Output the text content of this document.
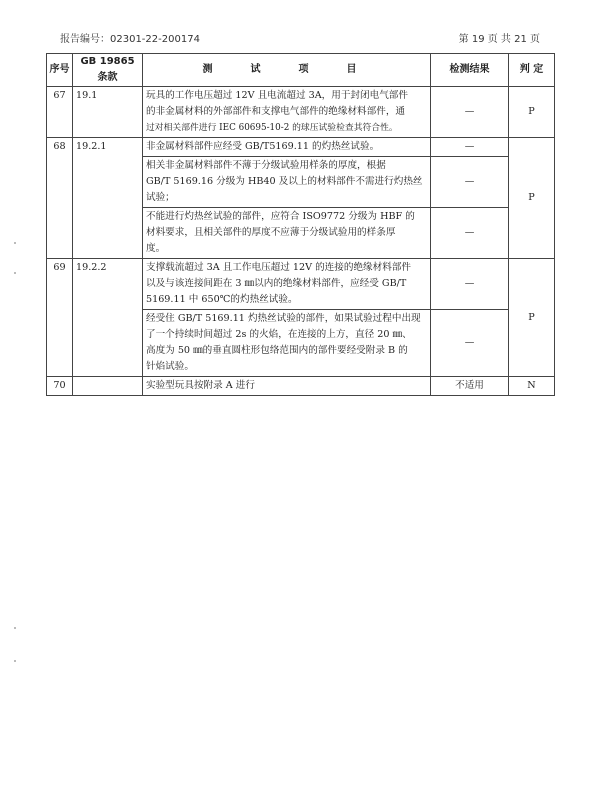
报告编号：02301-22-200174	第 19 页 共 21 页
序号	GB 19865 条款	测　试　项　目	检测结果	判 定
67	19.1	玩具的工作电压超过 12V 且电流超过 3A，用于封闭电气部件
的非金属材料的外部部件和支撑电气部件的绝缘材料部件，通
过对相关部件进行 IEC 60695-10-2 的球压试验检查其符合性。	—	P
68	19.2.1	非金属材料部件应经受 GB/T5169.11 的灼热丝试验。	—	P

		相关非金属材料部件不薄于分级试验用样条的厚度，根据
GB/T 5169.16 分级为 HB40 及以上的材料部件不需进行灼热丝
试验；	—	

		不能进行灼热丝试验的部件，应符合 ISO9772 分级为 HBF 的
材料要求，且相关部件的厚度不应薄于分级试验用的样条厚
度。	—	
69	19.2.2	支撑载流超过 3A 且工作电压超过 12V 的连接的绝缘材料部件
以及与该连接间距在 3 ㎜以内的绝缘材料部件，应经受 GB/T
5169.11 中 650℃的灼热丝试验。	—	P

		经受住 GB/T 5169.11 灼热丝试验的部件，如果试验过程中出现
了一个持续时间超过 2s 的火焰，在连接的上方，直径 20 ㎜、
高度为 50 ㎜的垂直圆柱形包络范围内的部件要经受附录 B 的
针焰试验。	—	
70		实验型玩具按附录 A 进行	不适用	N
